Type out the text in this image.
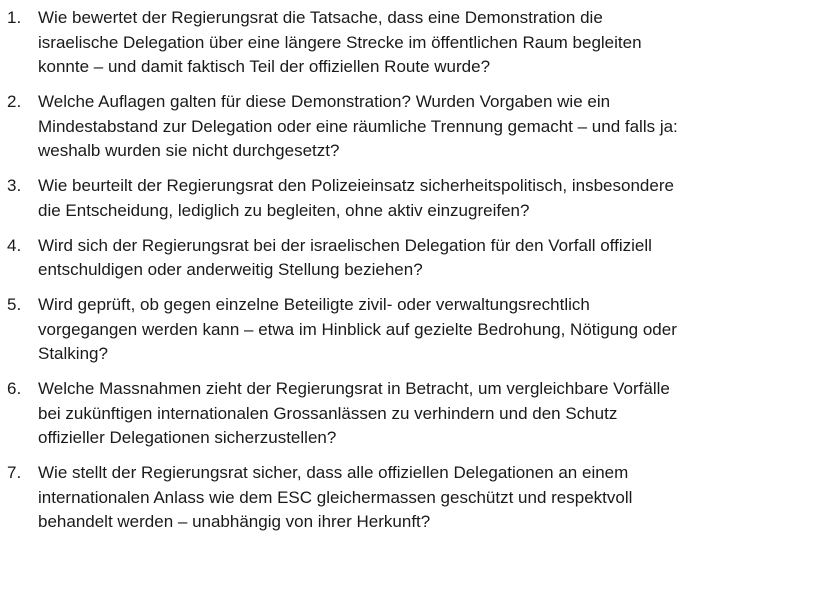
1. Wie bewertet der Regierungsrat die Tatsache, dass eine Demonstration die
israelische Delegation über eine längere Strecke im öffentlichen Raum begleiten
konnte – und damit faktisch Teil der offiziellen Route wurde?
2. Welche Auflagen galten für diese Demonstration? Wurden Vorgaben wie ein
Mindestabstand zur Delegation oder eine räumliche Trennung gemacht – und falls ja:
weshalb wurden sie nicht durchgesetzt?
3. Wie beurteilt der Regierungsrat den Polizeieinsatz sicherheitspolitisch, insbesondere
die Entscheidung, lediglich zu begleiten, ohne aktiv einzugreifen?
4. Wird sich der Regierungsrat bei der israelischen Delegation für den Vorfall offiziell
entschuldigen oder anderweitig Stellung beziehen?
5. Wird geprüft, ob gegen einzelne Beteiligte zivil- oder verwaltungsrechtlich
vorgegangen werden kann – etwa im Hinblick auf gezielte Bedrohung, Nötigung oder
Stalking?
6. Welche Massnahmen zieht der Regierungsrat in Betracht, um vergleichbare Vorfälle
bei zukünftigen internationalen Grossanlässen zu verhindern und den Schutz
offizieller Delegationen sicherzustellen?
7. Wie stellt der Regierungsrat sicher, dass alle offiziellen Delegationen an einem
internationalen Anlass wie dem ESC gleichermassen geschützt und respektvoll
behandelt werden – unabhängig von ihrer Herkunft?
